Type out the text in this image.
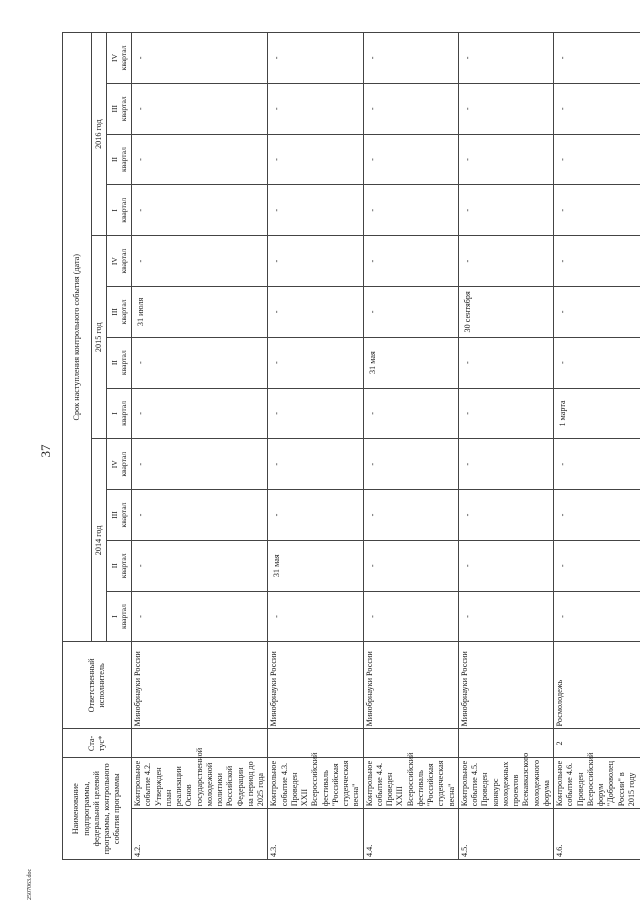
37
Наименование подпрограммы, федеральной целевой программы, контрольного события программы		Ста-тус*	Ответственный исполнитель	Срок наступления контрольного события (дата)											
				2014 год				2015 год				2016 год			
				I
квартал	II
квартал	III
квартал	IV
квартал	I
квартал	II
квартал	III
квартал	IV
квартал	I
квартал	II
квартал	III
квартал	IV
квартал
4.2.	Контрольное событие 4.2. Утвержден план реализации Основ государственной молодежной политики Российской Федерации на период до 2025 года		Минобрнауки России	-	-	-	-	-	-	31 июля	-	-	-	-	-
4.3.	Контрольное событие 4.3. Проведен XXII Всероссийский фестиваль "Российская студенческая весна"		Минобрнауки России	-	31 мая	-	-	-	-	-	-	-	-	-	-
4.4.	Контрольное событие 4.4. Проведен XXIII Всероссийский фестиваль "Российская студенческая весна"		Минобрнауки России	-	-	-	-	-	31 мая	-	-	-	-	-	-
4.5.	Контрольное событие 4.5. Проведен конкурс молодежных проектов Всекавказского молодежного форума		Минобрнауки России	-	-	-	-	-	-	30 сентября	-	-	-	-	-
4.6.	Контрольное событие 4.6. Проведен Всероссийский форум "Доброволец России" в 2015 году	2	Росмолодежь	-	-	-	-	1 марта	-	-	-	-	-	-	-
2507063.doc
